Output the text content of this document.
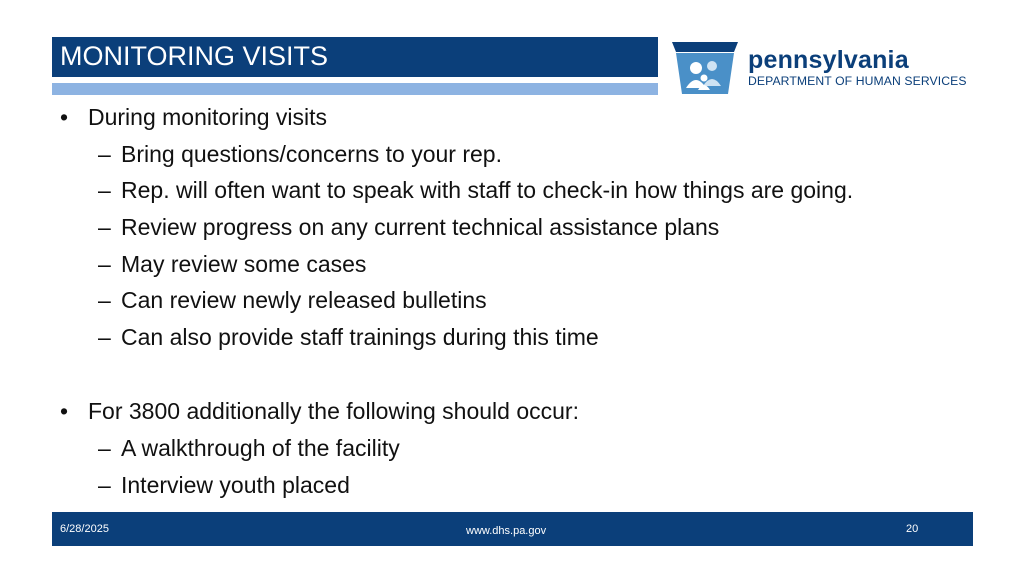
MONITORING VISITS	pennsylvania
DEPARTMENT OF HUMAN SERVICES
• During monitoring visits
– Bring questions/concerns to your rep.
– Rep. will often want to speak with staff to check-in how things are going.
– Review progress on any current technical assistance plans
– May review some cases
– Can review newly released bulletins
– Can also provide staff trainings during this time
• For 3800 additionally the following should occur:
– A walkthrough of the facility
– Interview youth placed
6/28/2025	www.dhs.pa.gov	20
